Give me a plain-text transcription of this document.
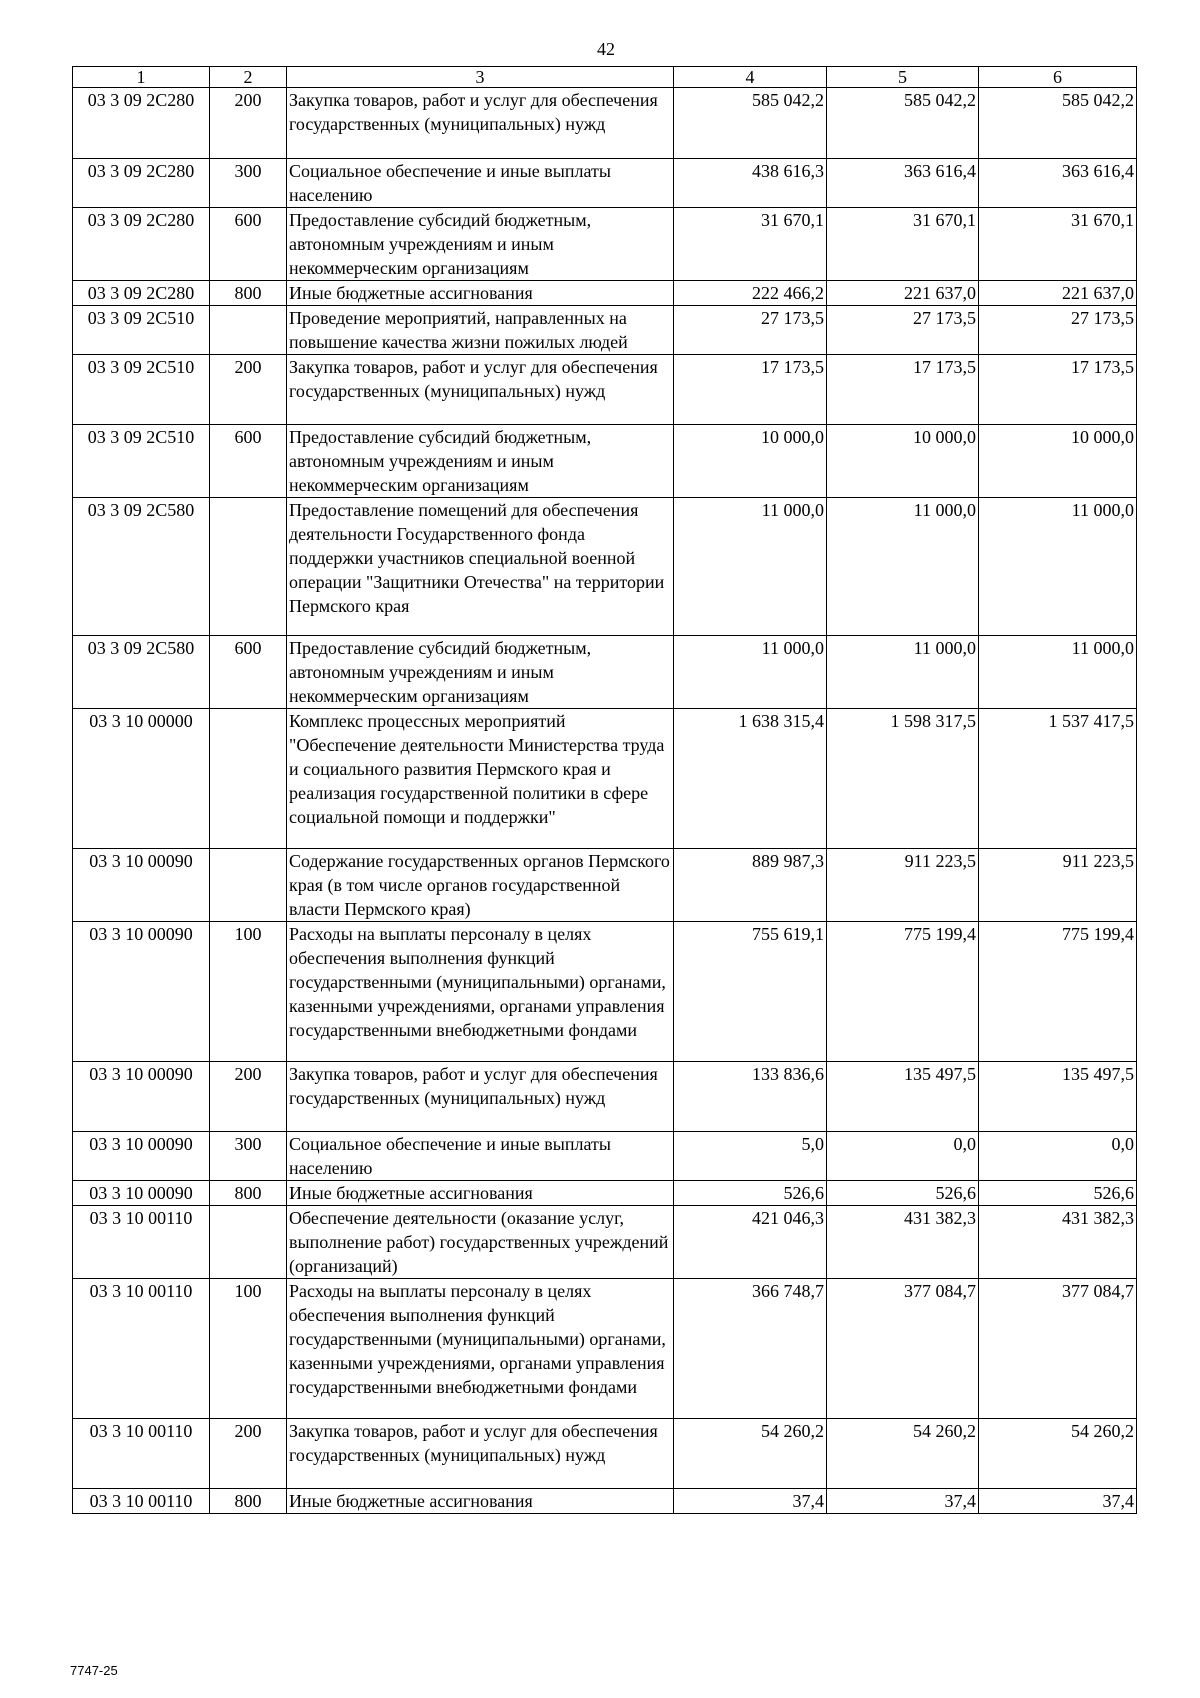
42
1	2	3	4	5	6
03 3 09 2С280	200	Закупка товаров, работ и услуг для обеспечения государственных (муниципальных) нужд	585 042,2	585 042,2	585 042,2
03 3 09 2С280	300	Социальное обеспечение и иные выплаты населению	438 616,3	363 616,4	363 616,4
03 3 09 2С280	600	Предоставление субсидий бюджетным, автономным учреждениям и иным некоммерческим организациям	31 670,1	31 670,1	31 670,1
03 3 09 2С280	800	Иные бюджетные ассигнования	222 466,2	221 637,0	221 637,0
03 3 09 2С510		Проведение мероприятий, направленных на повышение качества жизни пожилых людей	27 173,5	27 173,5	27 173,5
03 3 09 2С510	200	Закупка товаров, работ и услуг для обеспечения государственных (муниципальных) нужд	17 173,5	17 173,5	17 173,5
03 3 09 2С510	600	Предоставление субсидий бюджетным, автономным учреждениям и иным некоммерческим организациям	10 000,0	10 000,0	10 000,0
03 3 09 2С580		Предоставление помещений для обеспечения деятельности Государственного фонда поддержки участников специальной военной операции "Защитники Отечества" на территории Пермского края	11 000,0	11 000,0	11 000,0
03 3 09 2С580	600	Предоставление субсидий бюджетным, автономным учреждениям и иным некоммерческим организациям	11 000,0	11 000,0	11 000,0
03 3 10 00000		Комплекс процессных мероприятий "Обеспечение деятельности Министерства труда и социального развития Пермского края и реализация государственной политики в сфере социальной помощи и поддержки"	1 638 315,4	1 598 317,5	1 537 417,5
03 3 10 00090		Содержание государственных органов Пермского края (в том числе органов государственной власти Пермского края)	889 987,3	911 223,5	911 223,5
03 3 10 00090	100	Расходы на выплаты персоналу в целях обеспечения выполнения функций государственными (муниципальными) органами, казенными учреждениями, органами управления государственными внебюджетными фондами	755 619,1	775 199,4	775 199,4
03 3 10 00090	200	Закупка товаров, работ и услуг для обеспечения государственных (муниципальных) нужд	133 836,6	135 497,5	135 497,5
03 3 10 00090	300	Социальное обеспечение и иные выплаты населению	5,0	0,0	0,0
03 3 10 00090	800	Иные бюджетные ассигнования	526,6	526,6	526,6
03 3 10 00110		Обеспечение деятельности (оказание услуг, выполнение работ) государственных учреждений (организаций)	421 046,3	431 382,3	431 382,3
03 3 10 00110	100	Расходы на выплаты персоналу в целях обеспечения выполнения функций государственными (муниципальными) органами, казенными учреждениями, органами управления государственными внебюджетными фондами	366 748,7	377 084,7	377 084,7
03 3 10 00110	200	Закупка товаров, работ и услуг для обеспечения государственных (муниципальных) нужд	54 260,2	54 260,2	54 260,2
03 3 10 00110	800	Иные бюджетные ассигнования	37,4	37,4	37,4
7747-25
